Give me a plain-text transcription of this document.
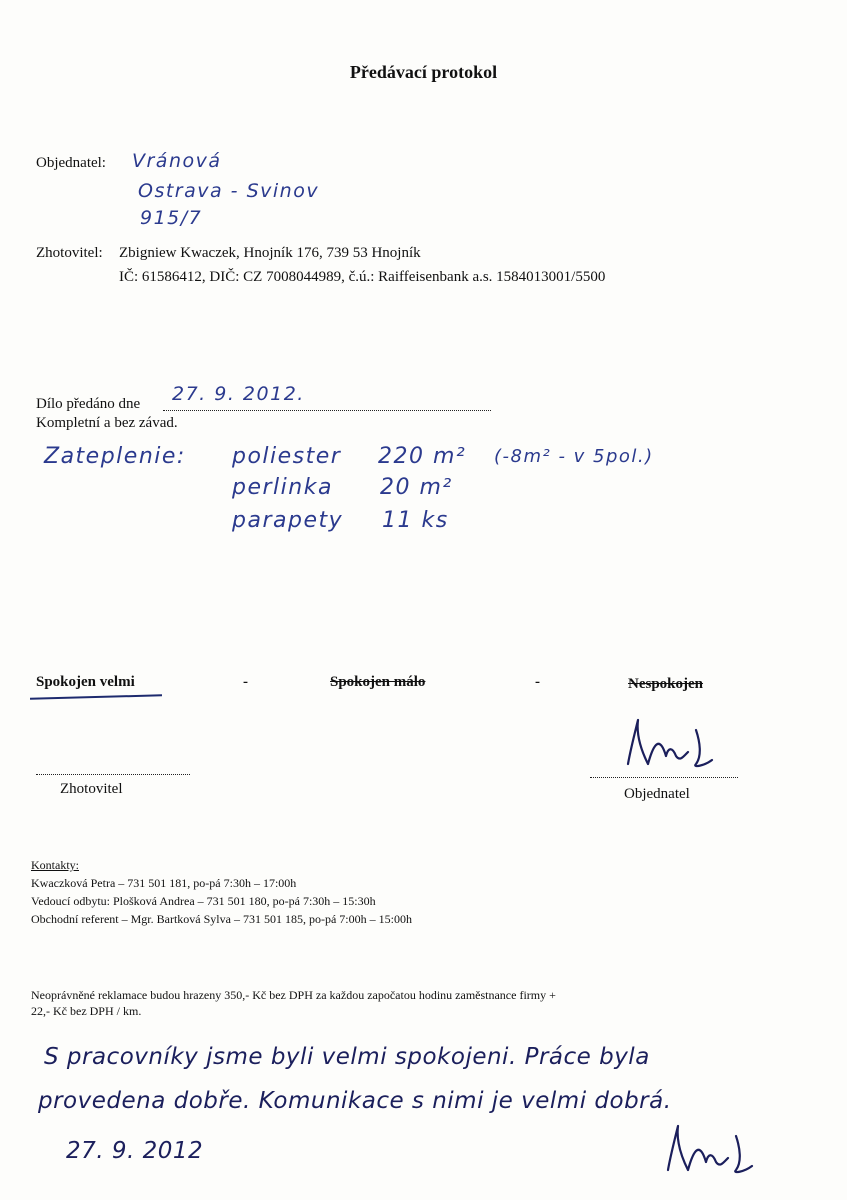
Předávací protokol
Objednatel: Vránová
Ostrava - Svinov
915/7
Zhotovitel: Zbigniew Kwaczek, Hnojník 176, 739 53 Hnojník
IČ: 61586412, DIČ: CZ 7008044989, č.ú.: Raiffeisenbank a.s. 1584013001/5500
Dílo předáno dne 27. 9. 2012.
Kompletní a bez závad.
Zateplenie: poliester 220 m² (-8m² - v 5pol.)
perlinka 20 m²
parapety 11 ks
Spokojen velmi	-	Spokojen málo	-	Nespokojen
Zhotovitel	Objednatel
Kontakty:
Kwaczková Petra – 731 501 181, po-pá 7:30h – 17:00h
Vedoucí odbytu: Plošková Andrea – 731 501 180, po-pá 7:30h – 15:30h
Obchodní referent – Mgr. Bartková Sylva – 731 501 185, po-pá 7:00h – 15:00h
Neoprávněné reklamace budou hrazeny 350,- Kč bez DPH za každou započatou hodinu zaměstnance firmy +
22,- Kč bez DPH / km.
S pracovníky jsme byli velmi spokojeni. Práce byla
provedena dobře. Komunikace s nimi je velmi dobrá.
27. 9. 2012
